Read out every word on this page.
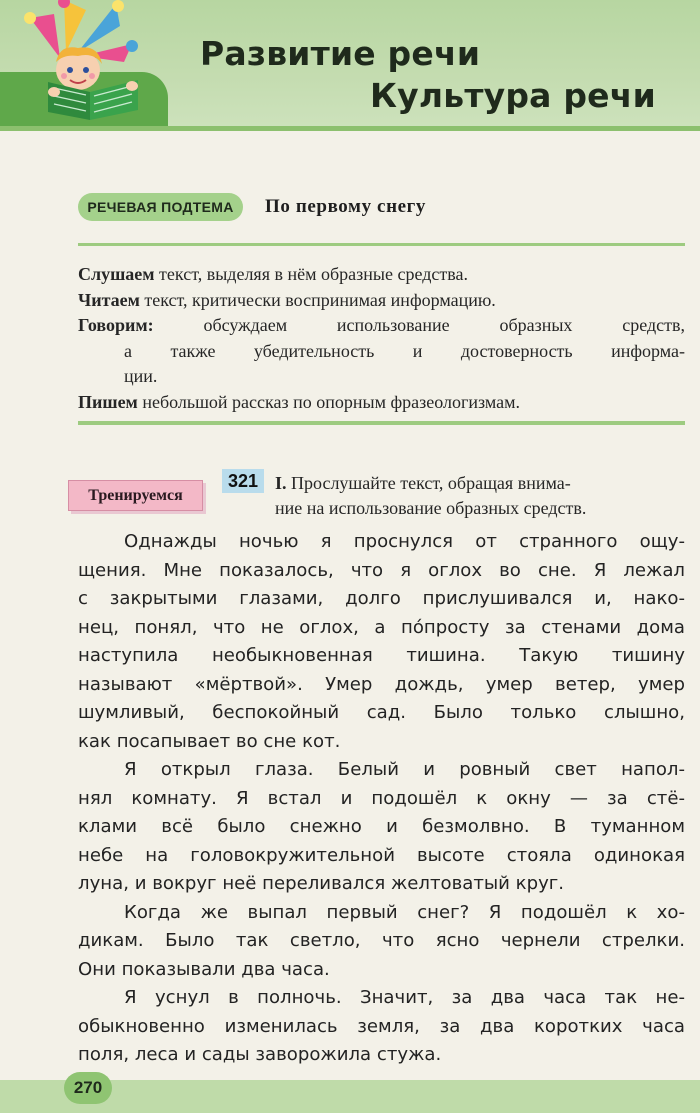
Развитие речи
Культура речи
РЕЧЕВАЯ ПОДТЕМА	По первому снегу
Слушаем текст, выделяя в нём образные средства.
Читаем текст, критически воспринимая информацию.
Говорим: обсуждаем использование образных средств,
а также убедительность и достоверность информа-
ции.
Пишем небольшой рассказ по опорным фразеологизмам.
Тренируемся
321 I. Прослушайте текст, обращая внима-
ние на использование образных средств.
Однажды ночью я проснулся от странного ощу-
щения. Мне показалось, что я оглох во сне. Я лежал
с закрытыми глазами, долго прислушивался и, нако-
нец, понял, что не оглох, а по́просту за стенами дома
наступила необыкновенная тишина. Такую тишину
называют «мёртвой». Умер дождь, умер ветер, умер
шумливый, беспокойный сад. Было только слышно,
как посапывает во сне кот.
Я открыл глаза. Белый и ровный свет напол-
нял комнату. Я встал и подошёл к окну — за стё-
клами всё было снежно и безмолвно. В туманном
небе на головокружительной высоте стояла одинокая
луна, и вокруг неё переливался желтоватый круг.
Когда же выпал первый снег? Я подошёл к хо-
дикам. Было так светло, что ясно чернели стрелки.
Они показывали два часа.
Я уснул в полночь. Значит, за два часа так не-
обыкновенно изменилась земля, за два коротких часа
поля, леса и сады заворожила стужа.
270
